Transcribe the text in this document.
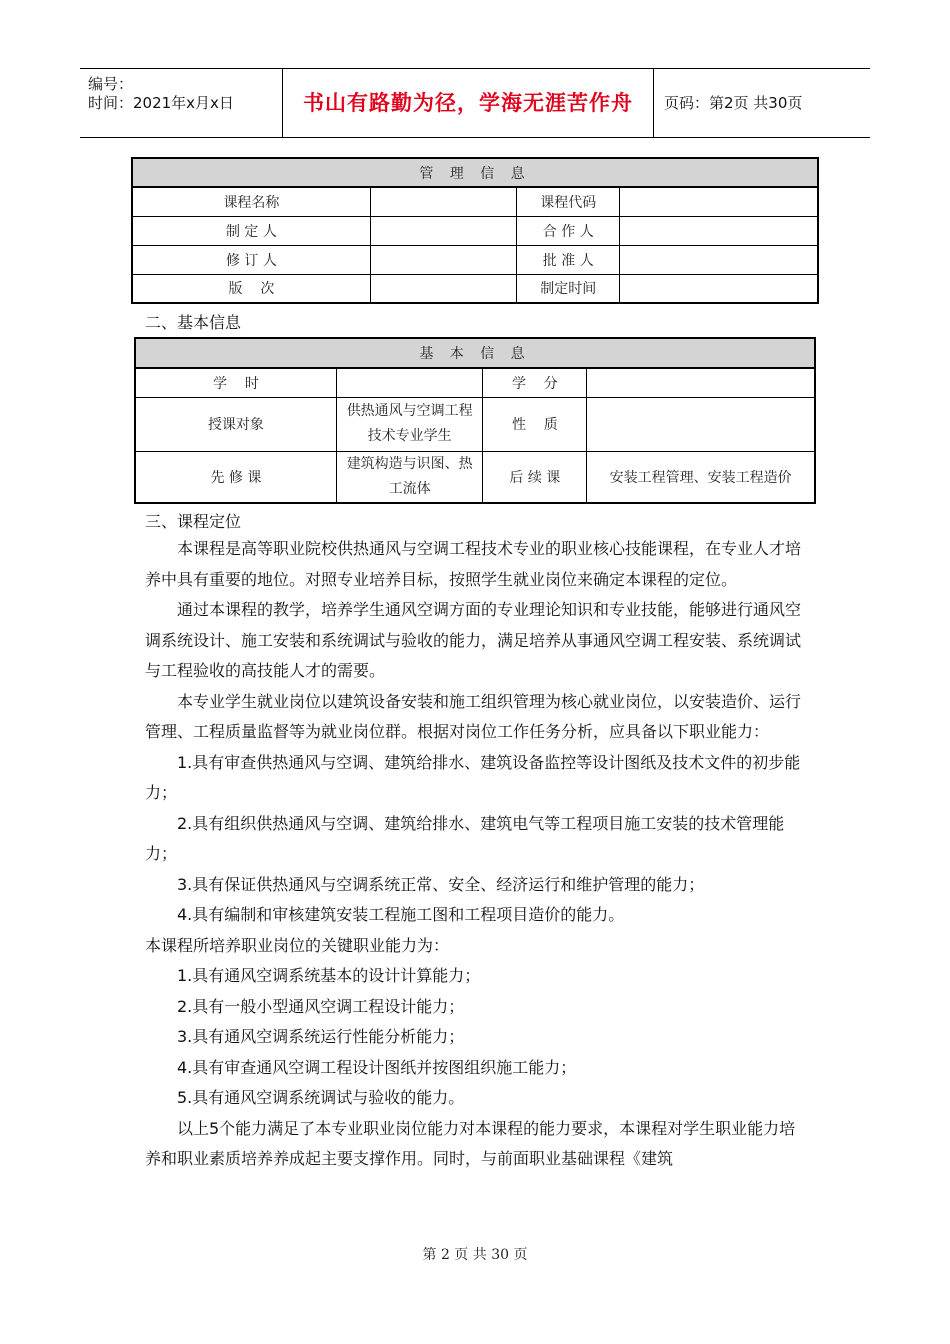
编号：
时间：2021年x月x日	书山有路勤为径，学海无涯苦作舟	页码：第2页 共30页
管 理 信 息			
课程名称		课程代码	
制 定 人		合 作 人	
修 订 人		批 准 人	
版    次		制定时间	
二、基本信息
基 本 信 息			
学    时		学    分	
授课对象	供热通风与空调工程技术专业学生	性    质	
先 修 课	建筑构造与识图、热工流体	后 续 课	安装工程管理、安装工程造价
三、课程定位

本课程是高等职业院校供热通风与空调工程技术专业的职业核心技能课程，在专业人才培养中具有重要的地位。对照专业培养目标，按照学生就业岗位来确定本课程的定位。

通过本课程的教学，培养学生通风空调方面的专业理论知识和专业技能，能够进行通风空调系统设计、施工安装和系统调试与验收的能力，满足培养从事通风空调工程安装、系统调试与工程验收的高技能人才的需要。

本专业学生就业岗位以建筑设备安装和施工组织管理为核心就业岗位，以安装造价、运行管理、工程质量监督等为就业岗位群。根据对岗位工作任务分析，应具备以下职业能力：

1.具有审查供热通风与空调、建筑给排水、建筑设备监控等设计图纸及技术文件的初步能力；

2.具有组织供热通风与空调、建筑给排水、建筑电气等工程项目施工安装的技术管理能力；

3.具有保证供热通风与空调系统正常、安全、经济运行和维护管理的能力；

4.具有编制和审核建筑安装工程施工图和工程项目造价的能力。

本课程所培养职业岗位的关键职业能力为：

1.具有通风空调系统基本的设计计算能力；

2.具有一般小型通风空调工程设计能力；

3.具有通风空调系统运行性能分析能力；

4.具有审查通风空调工程设计图纸并按图组织施工能力；

5.具有通风空调系统调试与验收的能力。

以上5个能力满足了本专业职业岗位能力对本课程的能力要求，本课程对学生职业能力培养和职业素质培养养成起主要支撑作用。同时，与前面职业基础课程《建筑

第 2 页 共 30 页
